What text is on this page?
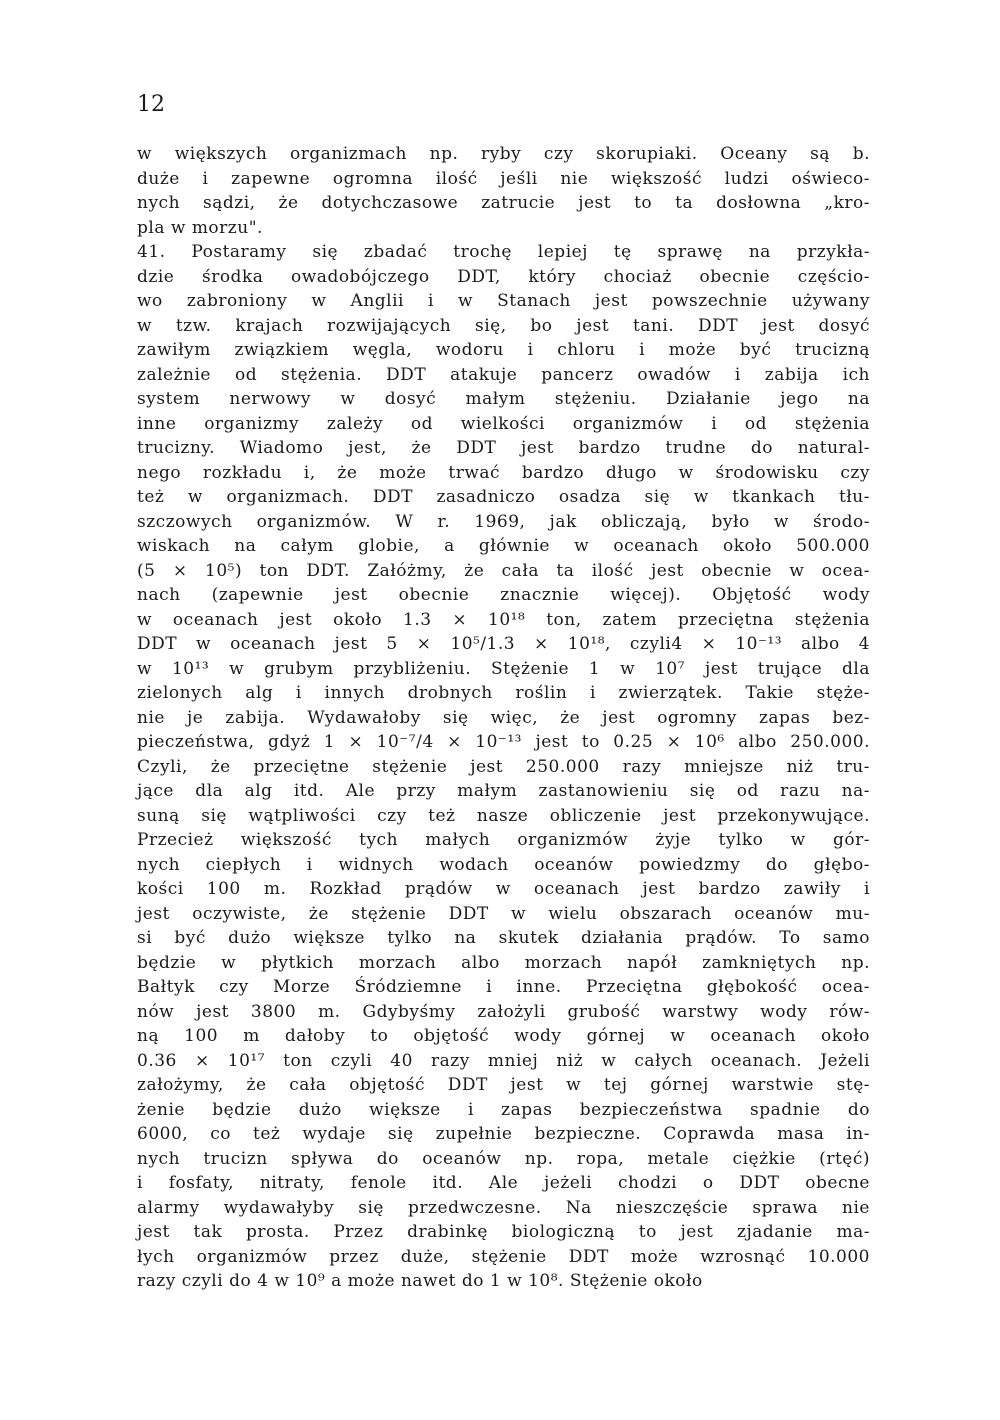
12
w większych organizmach np. ryby czy skorupiaki. Oceany są b.
duże i zapewne ogromna ilość jeśli nie większość ludzi oświeco-
nych sądzi, że dotychczasowe zatrucie jest to ta dosłowna „kro-
pla w morzu".
41. Postaramy się zbadać trochę lepiej tę sprawę na przykła-
dzie środka owadobójczego DDT, który chociaż obecnie częścio-
wo zabroniony w Anglii i w Stanach jest powszechnie używany
w tzw. krajach rozwijających się, bo jest tani. DDT jest dosyć
zawiłym związkiem węgla, wodoru i chloru i może być trucizną
zależnie od stężenia. DDT atakuje pancerz owadów i zabija ich
system nerwowy w dosyć małym stężeniu. Działanie jego na
inne organizmy zależy od wielkości organizmów i od stężenia
trucizny. Wiadomo jest, że DDT jest bardzo trudne do natural-
nego rozkładu i, że może trwać bardzo długo w środowisku czy
też w organizmach. DDT zasadniczo osadza się w tkankach tłu-
szczowych organizmów. W r. 1969, jak obliczają, było w środo-
wiskach na całym globie, a głównie w oceanach około 500.000
(5 × 10⁵) ton DDT. Załóżmy, że cała ta ilość jest obecnie w ocea-
nach (zapewnie jest obecnie znacznie więcej). Objętość wody
w oceanach jest około 1.3 × 10¹⁸ ton, zatem przeciętna stężenia
DDT w oceanach jest 5 × 10⁵/1.3 × 10¹⁸, czyli4 × 10⁻¹³ albo 4
w 10¹³ w grubym przybliżeniu. Stężenie 1 w 10⁷ jest trujące dla
zielonych alg i innych drobnych roślin i zwierzątek. Takie stęże-
nie je zabija. Wydawałoby się więc, że jest ogromny zapas bez-
pieczeństwa, gdyż 1 × 10⁻⁷/4 × 10⁻¹³ jest to 0.25 × 10⁶ albo 250.000.
Czyli, że przeciętne stężenie jest 250.000 razy mniejsze niż tru-
jące dla alg itd. Ale przy małym zastanowieniu się od razu na-
suną się wątpliwości czy też nasze obliczenie jest przekonywujące.
Przecież większość tych małych organizmów żyje tylko w gór-
nych ciepłych i widnych wodach oceanów powiedzmy do głębo-
kości 100 m. Rozkład prądów w oceanach jest bardzo zawiły i
jest oczywiste, że stężenie DDT w wielu obszarach oceanów mu-
si być dużo większe tylko na skutek działania prądów. To samo
będzie w płytkich morzach albo morzach napół zamkniętych np.
Bałtyk czy Morze Śródziemne i inne. Przeciętna głębokość ocea-
nów jest 3800 m. Gdybyśmy założyli grubość warstwy wody rów-
ną 100 m dałoby to objętość wody górnej w oceanach około
0.36 × 10¹⁷ ton czyli 40 razy mniej niż w całych oceanach. Jeżeli
założymy, że cała objętość DDT jest w tej górnej warstwie stę-
żenie będzie dużo większe i zapas bezpieczeństwa spadnie do
6000, co też wydaje się zupełnie bezpieczne. Coprawda masa in-
nych trucizn spływa do oceanów np. ropa, metale ciężkie (rtęć)
i fosfaty, nitraty, fenole itd. Ale jeżeli chodzi o DDT obecne
alarmy wydawałyby się przedwczesne. Na nieszczęście sprawa nie
jest tak prosta. Przez drabinkę biologiczną to jest zjadanie ma-
łych organizmów przez duże, stężenie DDT może wzrosnąć 10.000
razy czyli do 4 w 10⁹ a może nawet do 1 w 10⁸. Stężenie około
